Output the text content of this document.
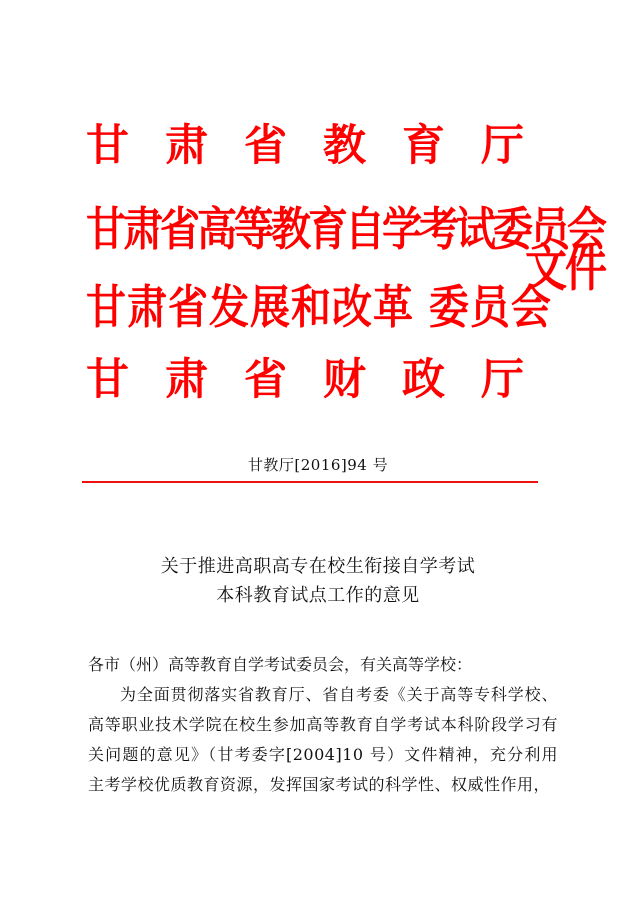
甘 肃 省 教 育 厅
甘肃省高等教育自学考试委员会
甘肃省发展和改革 委员会
甘 肃 省 财 政 厅
文件
甘教厅[2016]94 号
关于推进高职高专在校生衔接自学考试
本科教育试点工作的意见
各市（州）高等教育自学考试委员会，有关高等学校：
为全面贯彻落实省教育厅、省自考委《关于高等专科学校、高等职业技术学院在校生参加高等教育自学考试本科阶段学习有关问题的意见》（甘考委字[2004]10 号）文件精神，充分利用主考学校优质教育资源，发挥国家考试的科学性、权威性作用，
